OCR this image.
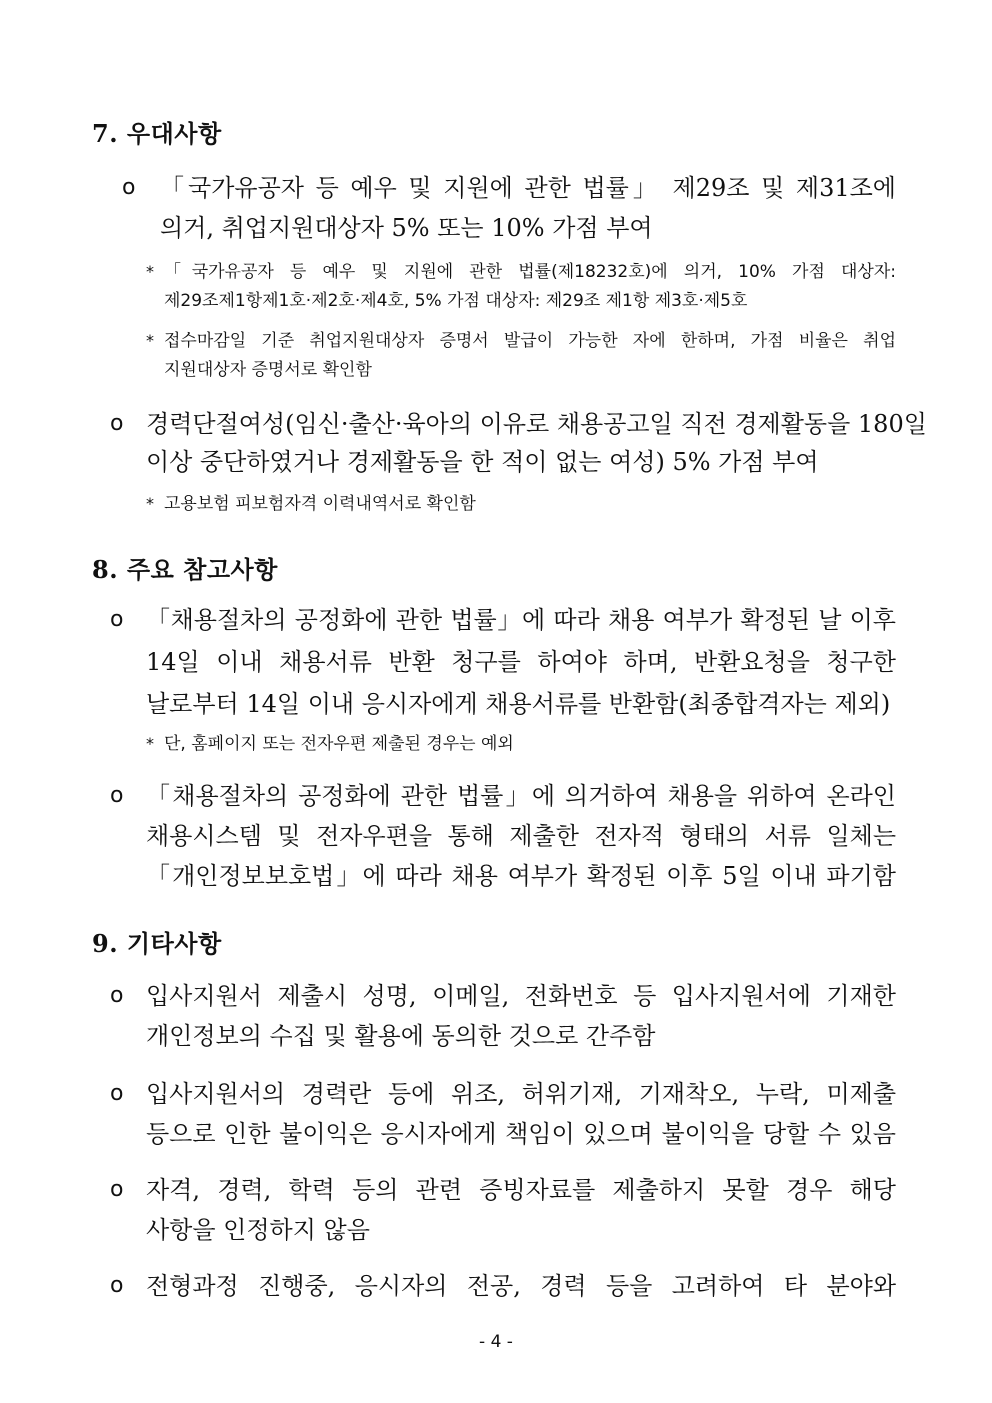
7. 우대사항
o 「국가유공자 등 예우 및 지원에 관한 법률」 제29조 및 제31조에
의거, 취업지원대상자 5% 또는 10% 가점 부여
* 「국가유공자 등 예우 및 지원에 관한 법률(제18232호)에 의거, 10% 가점 대상자:
제29조제1항제1호·제2호·제4호, 5% 가점 대상자: 제29조 제1항 제3호·제5호
* 접수마감일 기준 취업지원대상자 증명서 발급이 가능한 자에 한하며, 가점 비율은 취업
지원대상자 증명서로 확인함
o 경력단절여성(임신·출산·육아의 이유로 채용공고일 직전 경제활동을 180일
이상 중단하였거나 경제활동을 한 적이 없는 여성) 5% 가점 부여
* 고용보험 피보험자격 이력내역서로 확인함
8. 주요 참고사항
o 「채용절차의 공정화에 관한 법률」에 따라 채용 여부가 확정된 날 이후
14일 이내 채용서류 반환 청구를 하여야 하며, 반환요청을 청구한
날로부터 14일 이내 응시자에게 채용서류를 반환함(최종합격자는 제외)
* 단, 홈페이지 또는 전자우편 제출된 경우는 예외
o 「채용절차의 공정화에 관한 법률」에 의거하여 채용을 위하여 온라인
채용시스템 및 전자우편을 통해 제출한 전자적 형태의 서류 일체는
「개인정보보호법」에 따라 채용 여부가 확정된 이후 5일 이내 파기함
9. 기타사항
o 입사지원서 제출시 성명, 이메일, 전화번호 등 입사지원서에 기재한
개인정보의 수집 및 활용에 동의한 것으로 간주함
o 입사지원서의 경력란 등에 위조, 허위기재, 기재착오, 누락, 미제출
등으로 인한 불이익은 응시자에게 책임이 있으며 불이익을 당할 수 있음
o 자격, 경력, 학력 등의 관련 증빙자료를 제출하지 못할 경우 해당
사항을 인정하지 않음
o 전형과정 진행중, 응시자의 전공, 경력 등을 고려하여 타 분야와
- 4 -
